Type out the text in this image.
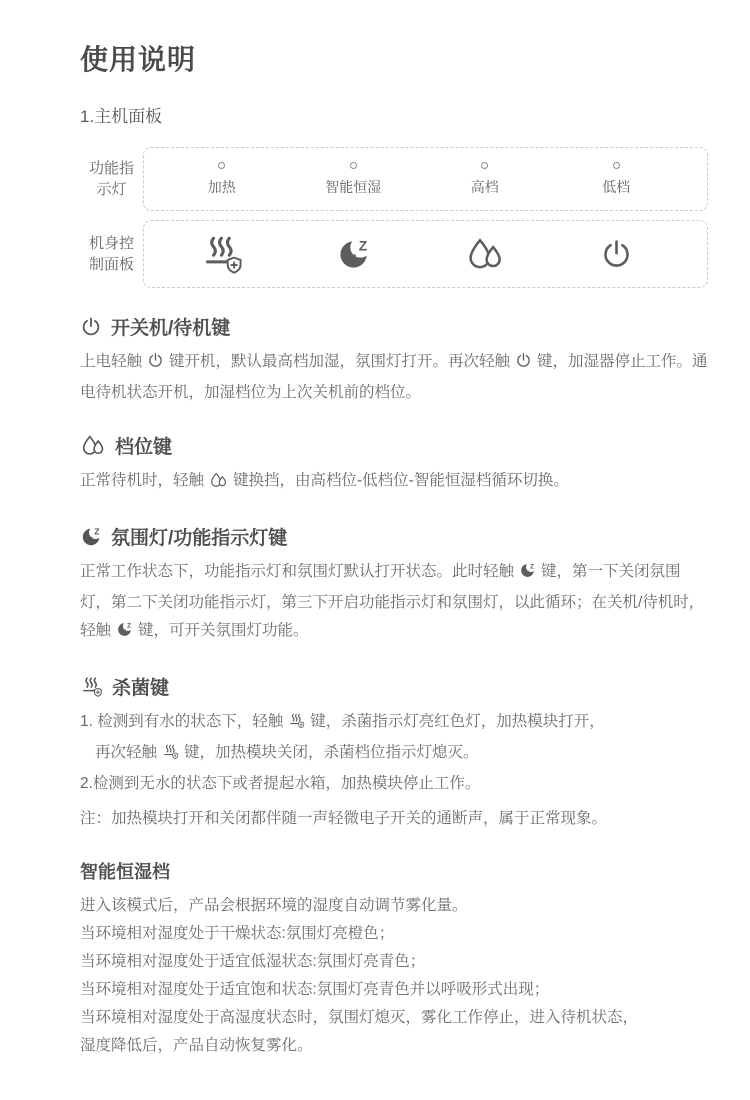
使用说明
1.主机面板
功能指
示灯	加热	智能恒湿	高档	低档
机身控
制面板
开关机/待机键

上电轻触 键开机，默认最高档加湿，氛围灯打开。再次轻触 键，加湿器停止工作。通电待机状态开机，加湿档位为上次关机前的档位。

档位键

正常待机时，轻触 键换挡，由高档位-低档位-智能恒湿档循环切换。

氛围灯/功能指示灯键

正常工作状态下，功能指示灯和氛围灯默认打开状态。此时轻触 键，第一下关闭氛围灯，第二下关闭功能指示灯，第三下开启功能指示灯和氛围灯，以此循环；在关机/待机时，轻触 键，可开关氛围灯功能。

杀菌键

1. 检测到有水的状态下，轻触 键，杀菌指示灯亮红色灯，加热模块打开，

再次轻触 键，加热模块关闭，杀菌档位指示灯熄灭。

2.检测到无水的状态下或者提起水箱，加热模块停止工作。

注：加热模块打开和关闭都伴随一声轻微电子开关的通断声，属于正常现象。

智能恒湿档

进入该模式后，产品会根据环境的湿度自动调节雾化量。

当环境相对湿度处于干燥状态:氛围灯亮橙色；

当环境相对湿度处于适宜低湿状态:氛围灯亮青色；

当环境相对湿度处于适宜饱和状态:氛围灯亮青色并以呼吸形式出现；

当环境相对湿度处于高湿度状态时，氛围灯熄灭，雾化工作停止，进入待机状态，

湿度降低后，产品自动恢复雾化。
